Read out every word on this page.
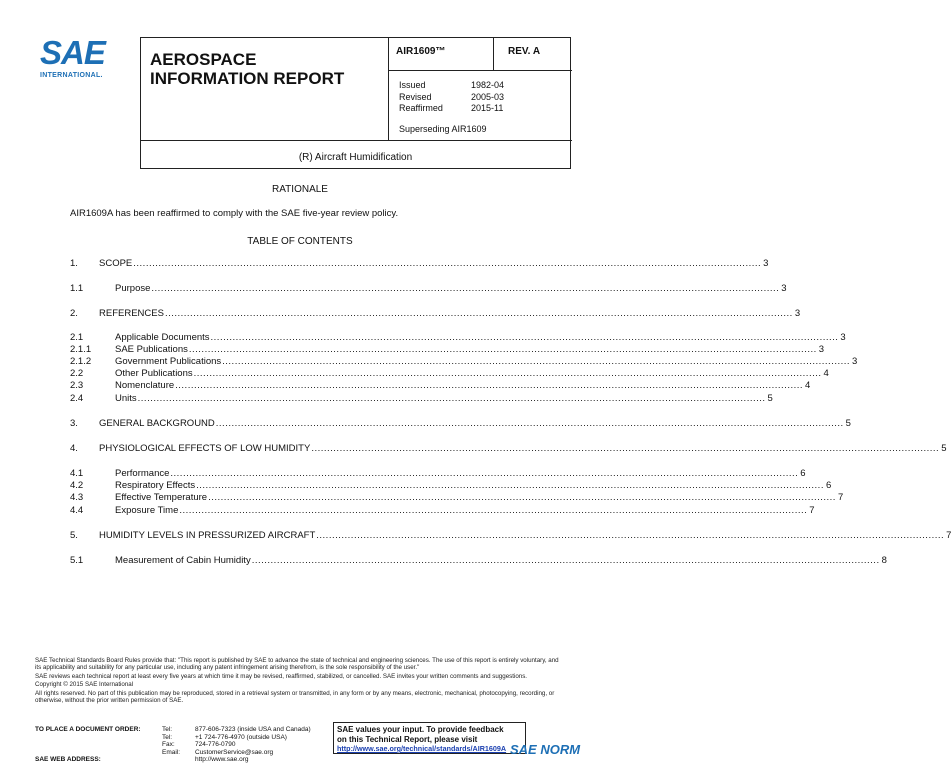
SAE
INTERNATIONAL.
AEROSPACE
INFORMATION REPORT
AIR1609™	REV. A
Issued	1982-04
Revised	2005-03
Reaffirmed	2015-11
Superseding AIR1609
(R) Aircraft Humidification
RATIONALE
AIR1609A has been reaffirmed to comply with the SAE five-year review policy.
TABLE OF CONTENTS
1. SCOPE ........................................................................................................................................................................................................ 3
1.1	Purpose ........................................................................................................................................................................................................ 3
2. REFERENCES ........................................................................................................................................................................................................ 3
2.1	Applicable Documents ........................................................................................................................................................................................................ 3
2.1.1	SAE Publications ........................................................................................................................................................................................................ 3
2.1.2	Government Publications ........................................................................................................................................................................................................ 3
2.2	Other Publications ........................................................................................................................................................................................................ 4
2.3	Nomenclature ........................................................................................................................................................................................................ 4
2.4	Units ........................................................................................................................................................................................................ 5
3. GENERAL BACKGROUND ........................................................................................................................................................................................................ 5
4. PHYSIOLOGICAL EFFECTS OF LOW HUMIDITY ........................................................................................................................................................................................................ 5
4.1	Performance ........................................................................................................................................................................................................ 6
4.2	Respiratory Effects ........................................................................................................................................................................................................ 6
4.3	Effective Temperature ........................................................................................................................................................................................................ 7
4.4	Exposure Time ........................................................................................................................................................................................................ 7
5. HUMIDITY LEVELS IN PRESSURIZED AIRCRAFT ........................................................................................................................................................................................................ 7
5.1	Measurement of Cabin Humidity ........................................................................................................................................................................................................ 8

SAE Technical Standards Board Rules provide that: "This report is published by SAE to advance the state of technical and engineering sciences. The use of this report is entirely voluntary, and its applicability and suitability for any particular use, including any patent infringement arising therefrom, is the sole responsibility of the user."

SAE reviews each technical report at least every five years at which time it may be revised, reaffirmed, stabilized, or cancelled. SAE invites your written comments and suggestions.

Copyright © 2015 SAE International

All rights reserved. No part of this publication may be reproduced, stored in a retrieval system or transmitted, in any form or by any means, electronic, mechanical, photocopying, recording, or otherwise, without the prior written permission of SAE.

TO PLACE A DOCUMENT ORDER:	Tel:	877-606-7323 (inside USA and Canada)
Tel:	+1 724-776-4970 (outside USA)
Fax:	724-776-0790
Email: CustomerService@sae.org
SAE WEB ADDRESS:	http://www.sae.org
SAE values your input. To provide feedback
on this Technical Report, please visit
http://www.sae.org/technical/standards/AIR1609A SAE NORM
